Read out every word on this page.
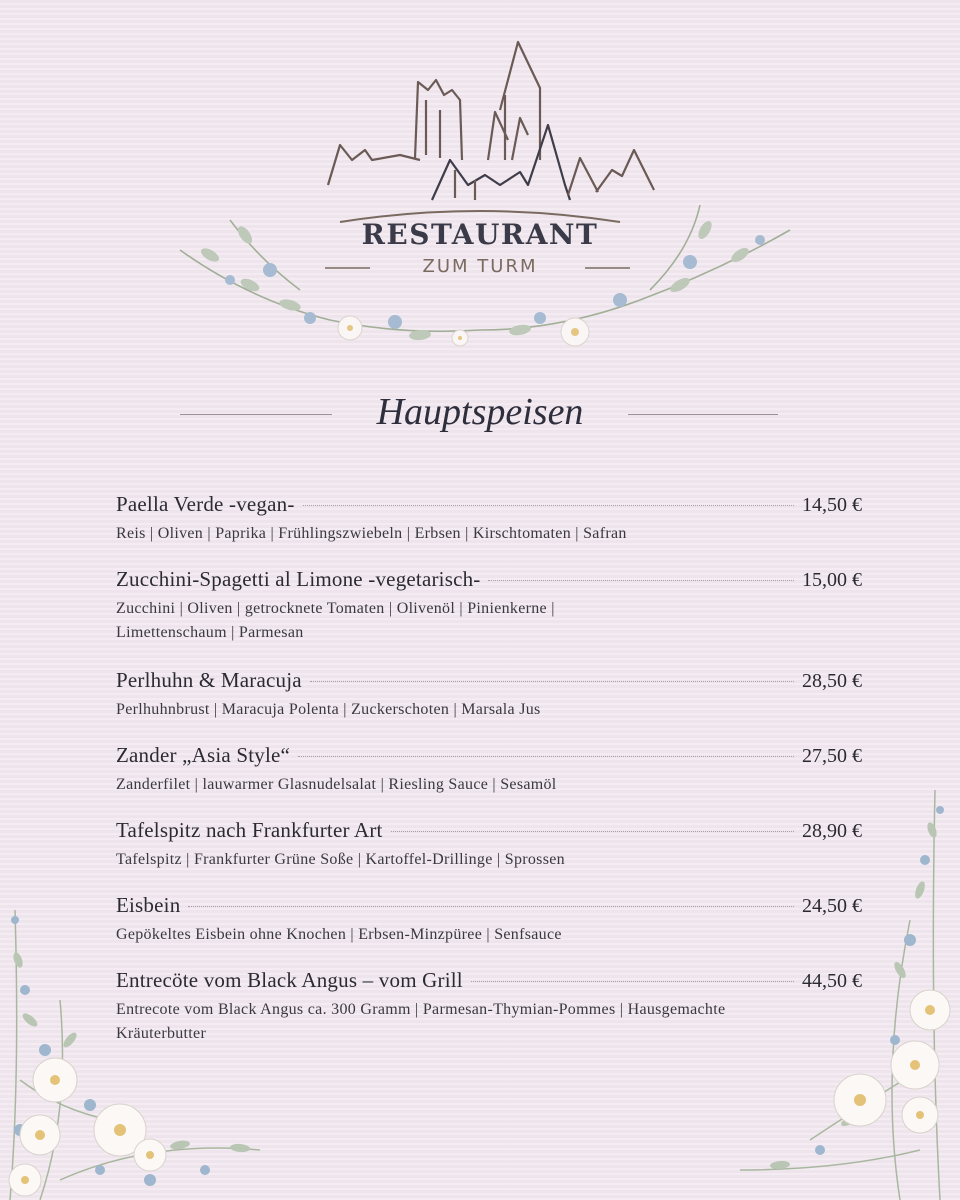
RESTAURANT
ZUM TURM
Hauptspeisen
Paella Verde -vegan-	14,50 €
Reis | Oliven | Paprika | Frühlingszwiebeln | Erbsen | Kirschtomaten | Safran
Zucchini-Spagetti al Limone -vegetarisch-	15,00 €
Zucchini | Oliven | getrocknete Tomaten | Olivenöl | Pinienkerne | Limettenschaum | Parmesan
Perlhuhn & Maracuja	28,50 €
Perlhuhnbrust | Maracuja Polenta | Zuckerschoten | Marsala Jus
Zander „Asia Style“	27,50 €
Zanderfilet | lauwarmer Glasnudelsalat | Riesling Sauce | Sesamöl
Tafelspitz nach Frankfurter Art	28,90 €
Tafelspitz | Frankfurter Grüne Soße | Kartoffel-Drillinge | Sprossen
Eisbein	24,50 €
Gepökeltes Eisbein ohne Knochen | Erbsen-Minzpüree | Senfsauce
Entrecöte vom Black Angus – vom Grill	44,50 €
Entrecote vom Black Angus ca. 300 Gramm | Parmesan-Thymian-Pommes | Hausgemachte Kräuterbutter
